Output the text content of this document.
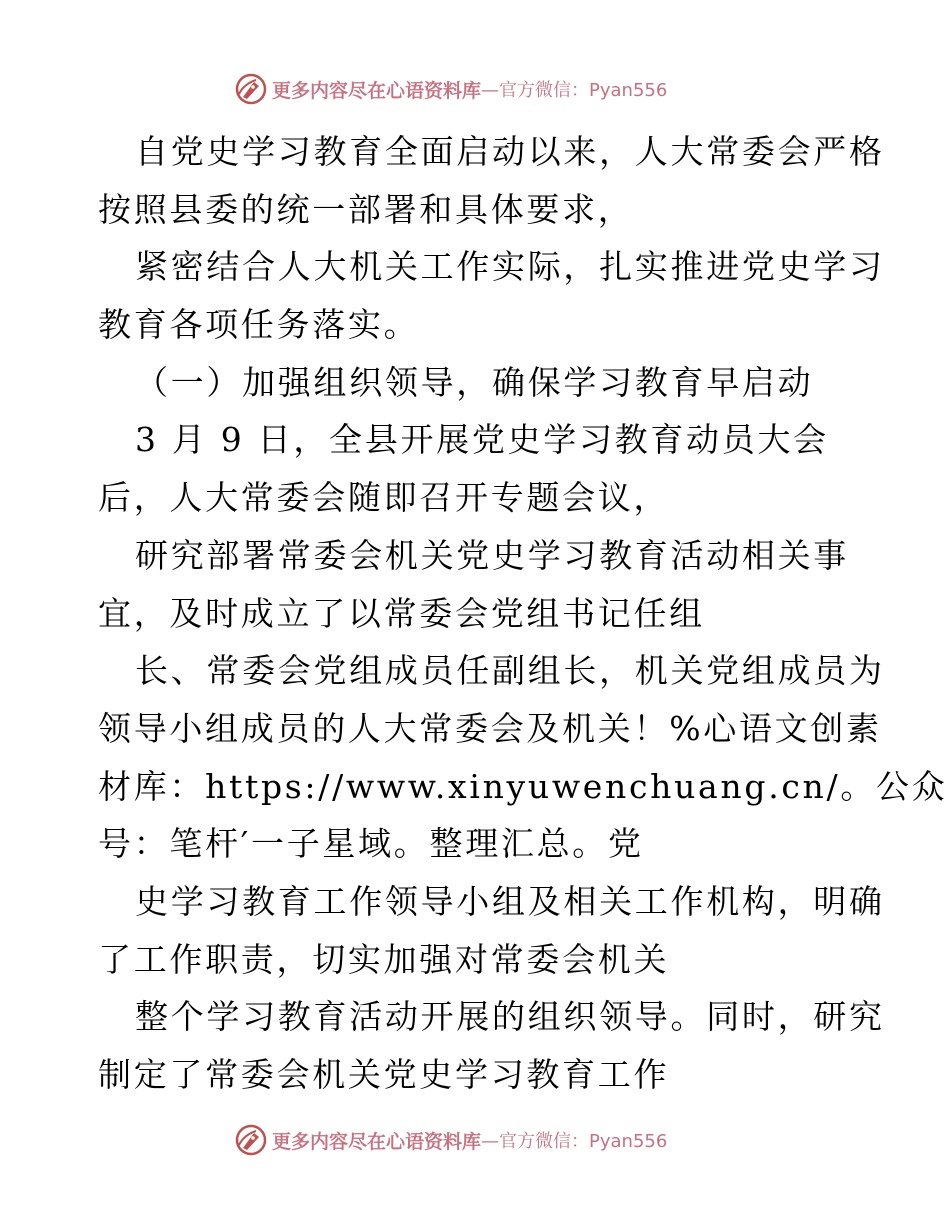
更多内容尽在心语资料库 —官方微信：Pyan556
自党史学习教育全面启动以来，人大常委会严格
按照县委的统一部署和具体要求，
紧密结合人大机关工作实际，扎实推进党史学习
教育各项任务落实。
（一）加强组织领导，确保学习教育早启动
3 月 9 日，全县开展党史学习教育动员大会
后，人大常委会随即召开专题会议，
研究部署常委会机关党史学习教育活动相关事
宜，及时成立了以常委会党组书记任组
长、常委会党组成员任副组长，机关党组成员为
领导小组成员的人大常委会及机关！%心语文创素
材库：https://www.xinyuwenchuang.cn/。公众
号：笔杆′一子星域。整理汇总。党
史学习教育工作领导小组及相关工作机构，明确
了工作职责，切实加强对常委会机关
整个学习教育活动开展的组织领导。同时，研究
制定了常委会机关党史学习教育工作
更多内容尽在心语资料库 —官方微信：Pyan556
